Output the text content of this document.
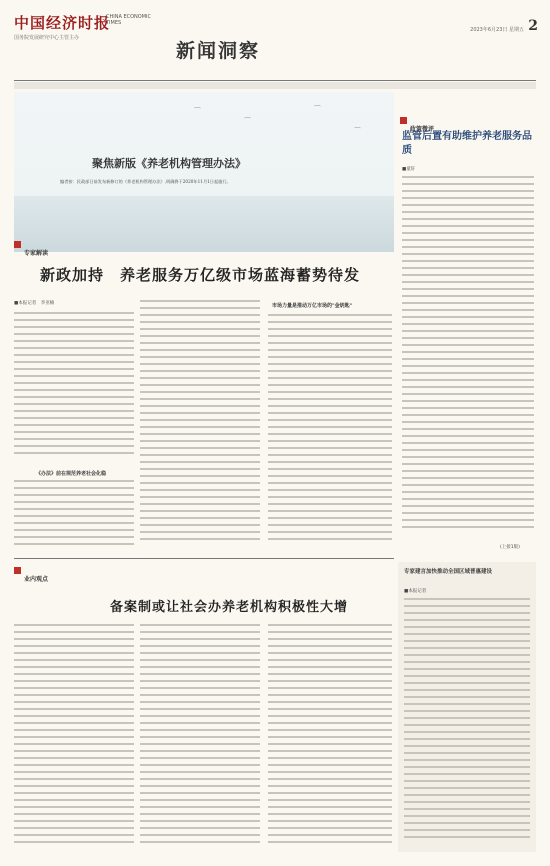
中国经济时报
CHINA ECONOMIC TIMES
国务院发展研究中心主管主办
新闻洞察
2023年6月23日 星期五 2
⌒
⌒
⌒
⌒
聚焦新版《养老机构管理办法》
编者按：民政部日前发布新修订的《养老机构管理办法》,明确将于2020年11月1日起施行。
专家解读
新政加持　养老服务万亿级市场蓝海蓄势待发
■本报记者　李亚楠
《办法》前在规范养老社会化稳
市场力量是推动万亿市场的"金钥匙"
政策微评
监管后置有助维护养老服务品质
■童轩
(上接1版)
业内观点
备案制或让社会办养老机构积极性大增
专家建言加快推动全国区域普惠建设
■本报记者
